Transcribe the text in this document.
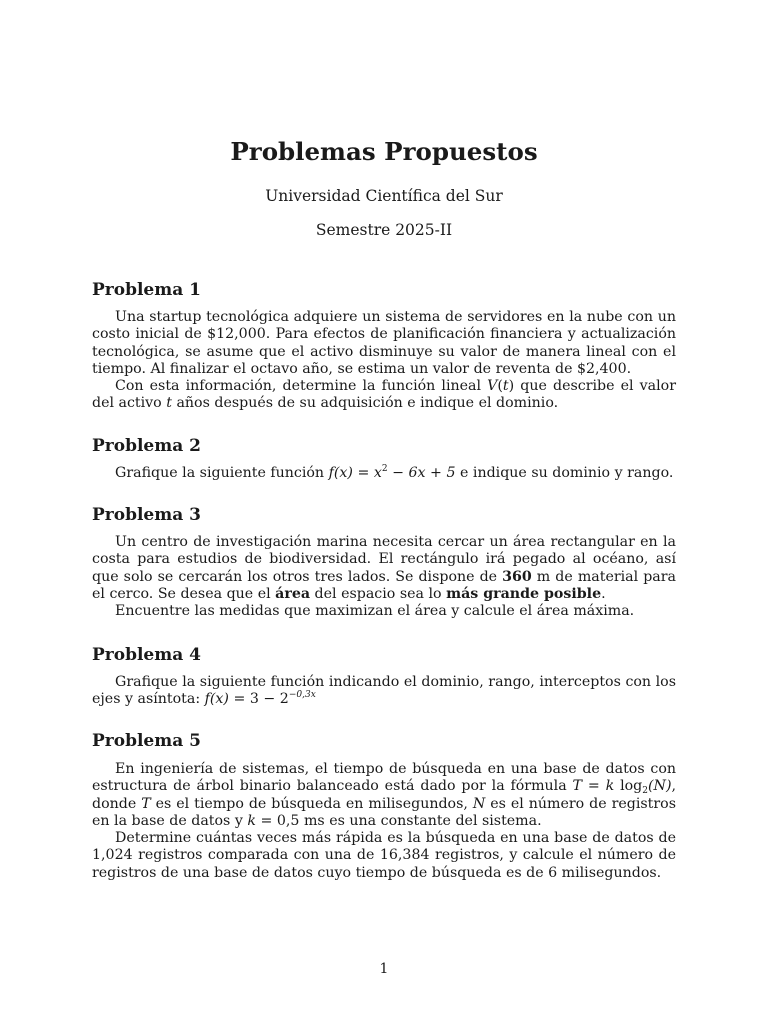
Problemas Propuestos
Universidad Científica del Sur
Semestre 2025-II
Problema 1

Una startup tecnológica adquiere un sistema de servidores en la nube con un costo inicial de $12,000. Para efectos de planificación financiera y actualización tecnológica, se asume que el activo disminuye su valor de manera lineal con el tiempo. Al finalizar el octavo año, se estima un valor de reventa de $2,400.

Con esta información, determine la función lineal V(t) que describe el valor del activo t años después de su adquisición e indique el dominio.

Problema 2

Grafique la siguiente función $f(x) = x^2 - 6x + 5$ e indique su dominio y rango.

Problema 3

Un centro de investigación marina necesita cercar un área rectangular en la costa para estudios de biodiversidad. El rectángulo irá pegado al océano, así que solo se cercarán los otros tres lados. Se dispone de 360 m de material para el cerco. Se desea que el área del espacio sea lo más grande posible.

Encuentre las medidas que maximizan el área y calcule el área máxima.

Problema 4

Grafique la siguiente función indicando el dominio, rango, interceptos con los ejes y asíntota: $f(x) = 3 - 2^{-0,3x}$

Problema 5

En ingeniería de sistemas, el tiempo de búsqueda en una base de datos con estructura de árbol binario balanceado está dado por la fórmula T = k $\log_2(N)$, donde T es el tiempo de búsqueda en milisegundos, N es el número de registros en la base de datos y k = 0,5 ms es una constante del sistema.

Determine cuántas veces más rápida es la búsqueda en una base de datos de 1,024 registros comparada con una de 16,384 registros, y calcule el número de registros de una base de datos cuyo tiempo de búsqueda es de 6 milisegundos.

1
